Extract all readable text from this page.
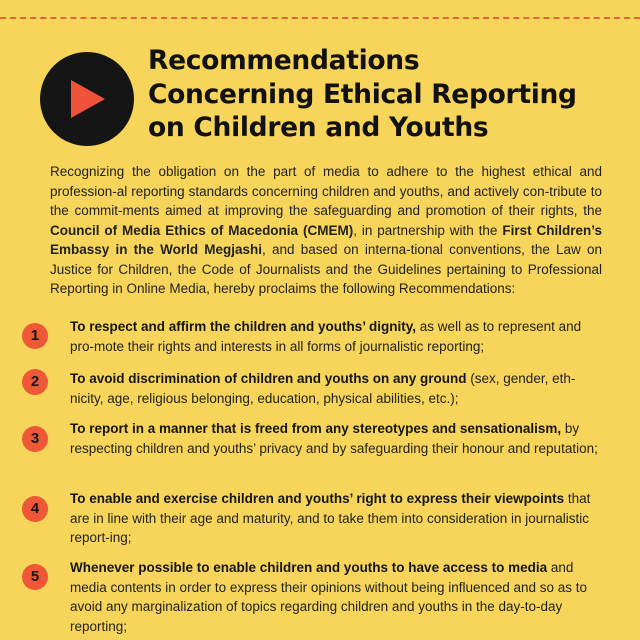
Recommendations
Concerning Ethical Reporting
on Children and Youths

Recognizing the obligation on the part of media to adhere to the highest ethical and profession-al reporting standards concerning children and youths, and actively con-tribute to the commit-ments aimed at improving the safeguarding and promotion of their rights, the Council of Media Ethics of Macedonia (CMEM), in partnership with the First Children’s Embassy in the World Megjashi, and based on interna-tional conventions, the Law on Justice for Children, the Code of Journalists and the Guidelines pertaining to Professional Reporting in Online Media, hereby proclaims the following Recommendations:

1

To respect and affirm the children and youths’ dignity, as well as to represent and pro-mote their rights and interests in all forms of journalistic reporting;

2	To avoid discrimination of children and youths on any ground (sex, gender, eth-nicity, age, religious belonging, education, physical abilities, etc.);

3

To report in a manner that is freed from any stereotypes and sensationalism, by respecting children and youths’ privacy and by safeguarding their honour and reputation;

4

To enable and exercise children and youths’ right to express their viewpoints that are in line with their age and maturity, and to take them into consideration in journalistic report-ing;

5

Whenever possible to enable children and youths to have access to media and media contents in order to express their opinions without being influenced and so as to avoid any marginalization of topics regarding children and youths in the day-to-day reporting;
